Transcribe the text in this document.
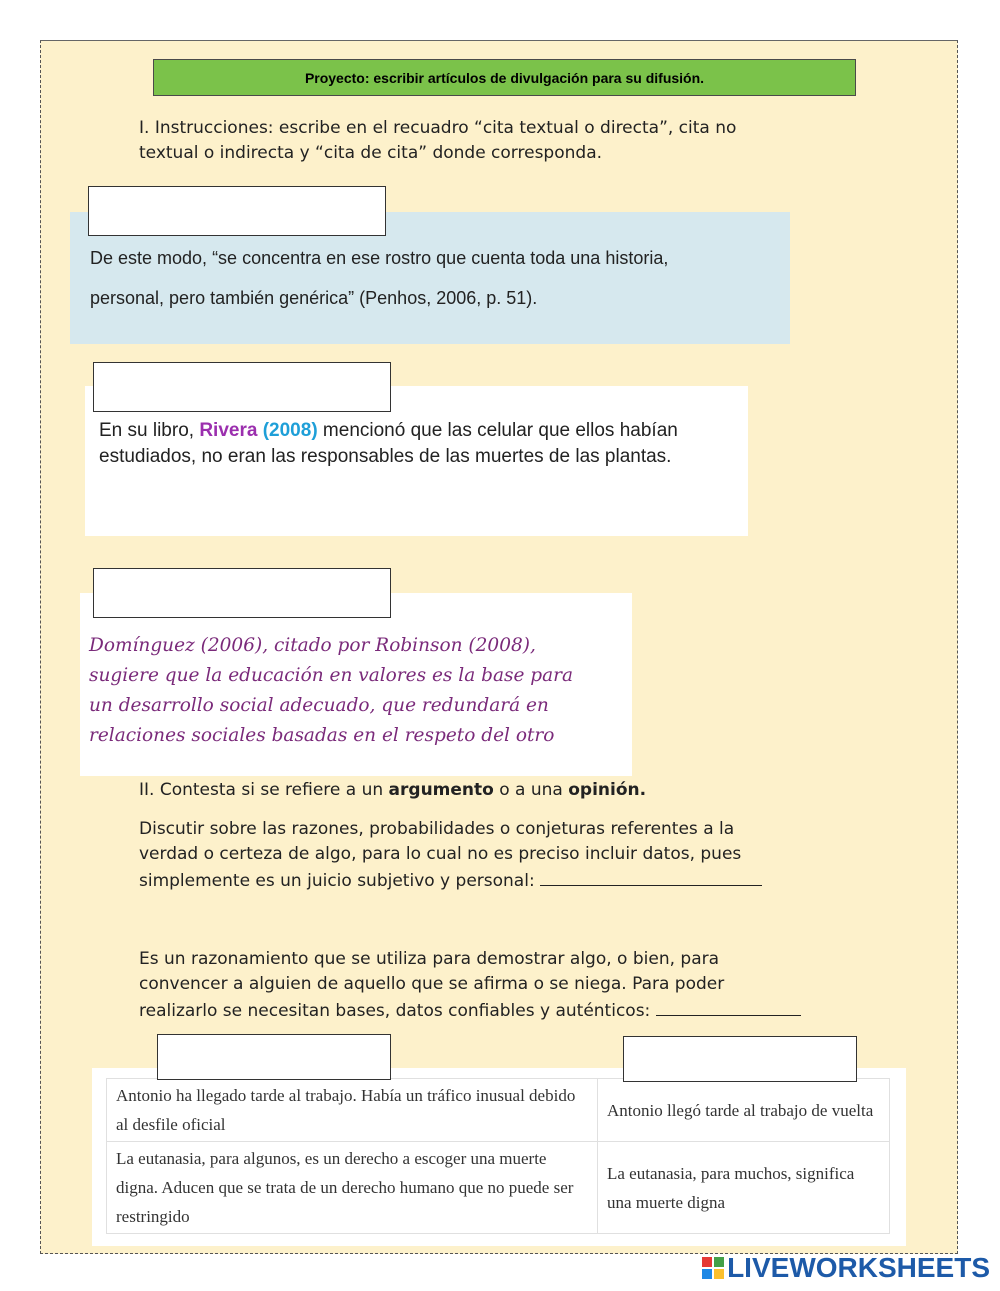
Proyecto: escribir artículos de divulgación para su difusión.
I. Instrucciones: escribe en el recuadro “cita textual o directa”, cita no
textual o indirecta y “cita de cita” donde corresponda.

De este modo, “se concentra en ese rostro que cuenta toda una historia,

personal, pero también genérica” (Penhos, 2006, p. 51).

En su libro, Rivera (2008) mencionó que las celular que ellos habían estudiados, no eran las responsables de las muertes de las plantas.

Domínguez (2006), citado por Robinson (2008),
sugiere que la educación en valores es la base para
un desarrollo social adecuado, que redundará en
relaciones sociales basadas en el respeto del otro

II. Contesta si se refiere a un argumento o a una opinión.
Discutir sobre las razones, probabilidades o conjeturas referentes a la
verdad o certeza de algo, para lo cual no es preciso incluir datos, pues
simplemente es un juicio subjetivo y personal:
Es un razonamiento que se utiliza para demostrar algo, o bien, para
convencer a alguien de aquello que se afirma o se niega. Para poder
realizarlo se necesitan bases, datos confiables y auténticos:
Antonio ha llegado tarde al trabajo. Había un tráfico inusual debido al desfile oficial	Antonio llegó tarde al trabajo de vuelta
La eutanasia, para algunos, es un derecho a escoger una muerte digna. Aducen que se trata de un derecho humano que no puede ser restringido	La eutanasia, para muchos, significa una muerte digna
LIVEWORKSHEETS
